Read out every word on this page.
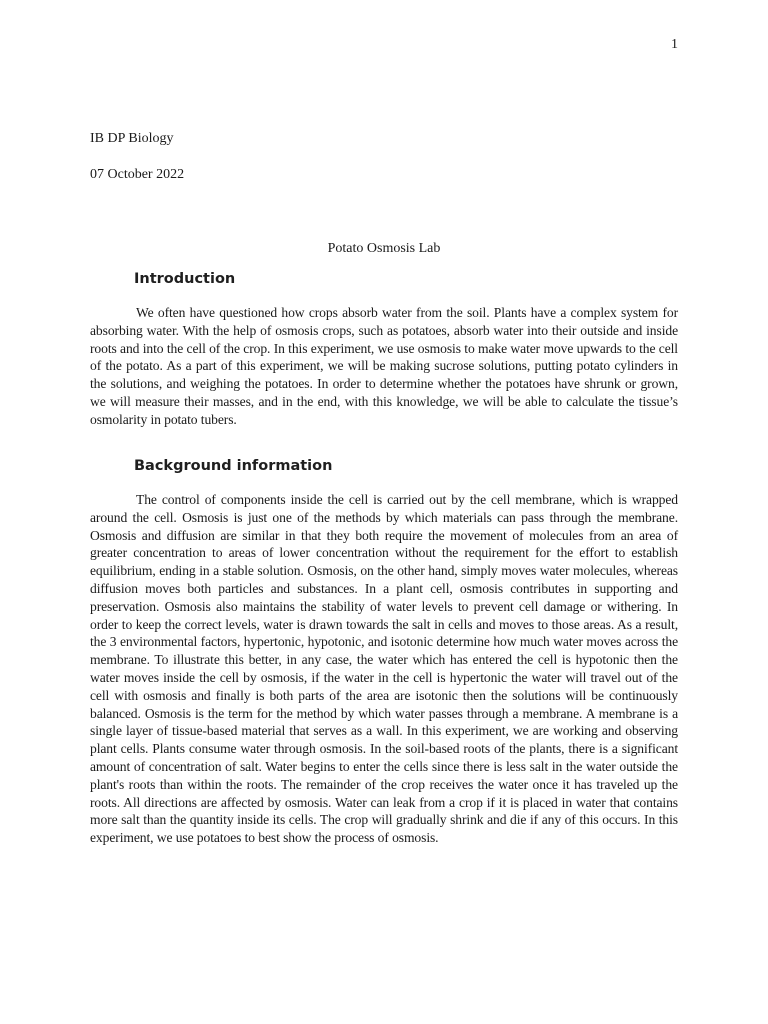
1
IB DP Biology
07 October 2022
Potato Osmosis Lab
Introduction

We often have questioned how crops absorb water from the soil. Plants have a complex system for absorbing water. With the help of osmosis crops, such as potatoes, absorb water into their outside and inside roots and into the cell of the crop. In this experiment, we use osmosis to make water move upwards to the cell of the potato. As a part of this experiment, we will be making sucrose solutions, putting potato cylinders in the solutions, and weighing the potatoes. In order to determine whether the potatoes have shrunk or grown, we will measure their masses, and in the end, with this knowledge, we will be able to calculate the tissue’s osmolarity in potato tubers.

Background information

The control of components inside the cell is carried out by the cell membrane, which is wrapped around the cell. Osmosis is just one of the methods by which materials can pass through the membrane. Osmosis and diffusion are similar in that they both require the movement of molecules from an area of greater concentration to areas of lower concentration without the requirement for the effort to establish equilibrium, ending in a stable solution. Osmosis, on the other hand, simply moves water molecules, whereas diffusion moves both particles and substances. In a plant cell, osmosis contributes in supporting and preservation. Osmosis also maintains the stability of water levels to prevent cell damage or withering. In order to keep the correct levels, water is drawn towards the salt in cells and moves to those areas. As a result, the 3 environmental factors, hypertonic, hypotonic, and isotonic determine how much water moves across the membrane. To illustrate this better, in any case, the water which has entered the cell is hypotonic then the water moves inside the cell by osmosis, if the water in the cell is hypertonic the water will travel out of the cell with osmosis and finally is both parts of the area are isotonic then the solutions will be continuously balanced. Osmosis is the term for the method by which water passes through a membrane. A membrane is a single layer of tissue-based material that serves as a wall. In this experiment, we are working and observing plant cells. Plants consume water through osmosis. In the soil-based roots of the plants, there is a significant amount of concentration of salt. Water begins to enter the cells since there is less salt in the water outside the plant's roots than within the roots. The remainder of the crop receives the water once it has traveled up the roots. All directions are affected by osmosis. Water can leak from a crop if it is placed in water that contains more salt than the quantity inside its cells. The crop will gradually shrink and die if any of this occurs. In this experiment, we use potatoes to best show the process of osmosis.
